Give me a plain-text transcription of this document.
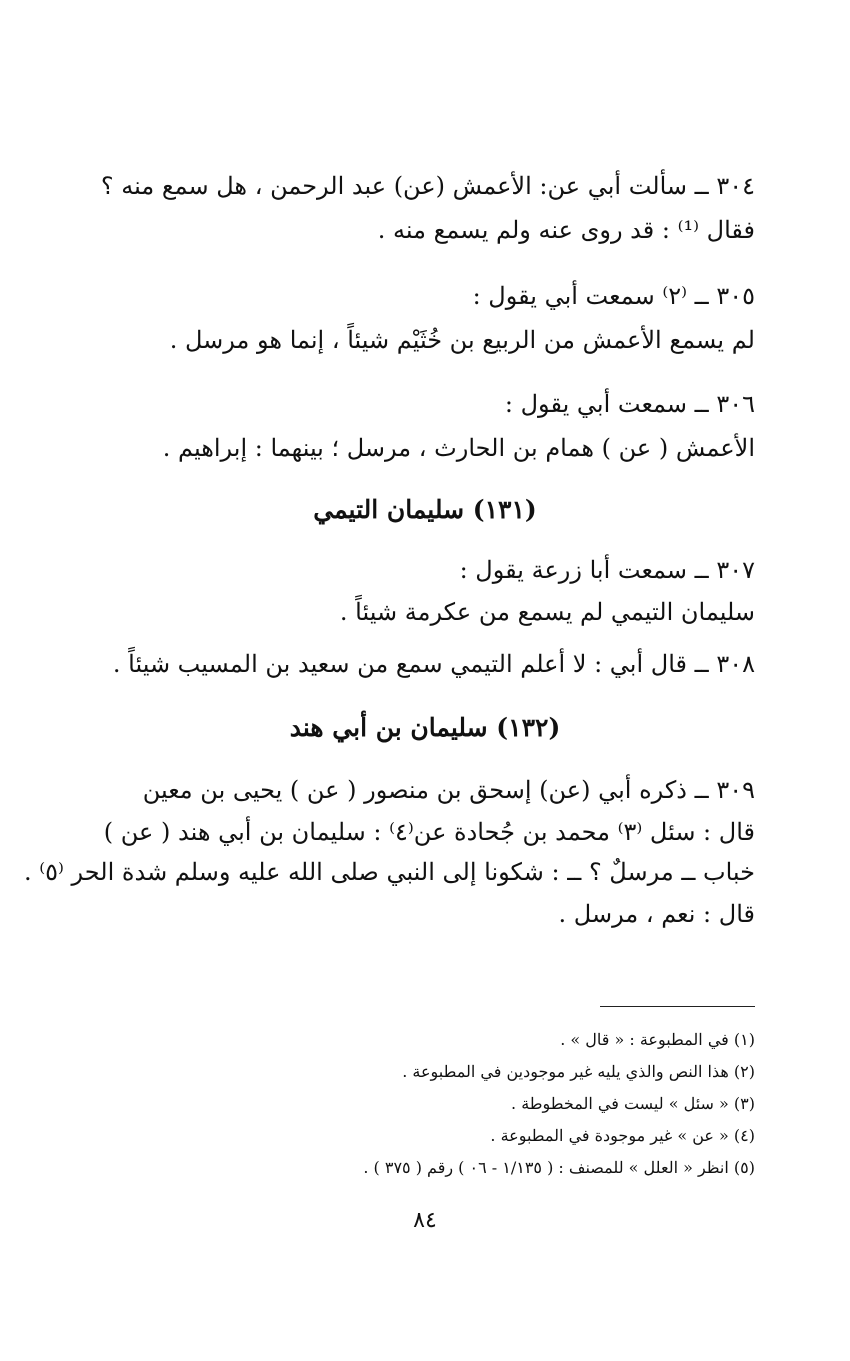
٣٠٤ ــ سألت أبي عن: الأعمش (عن) عبد الرحمن ، هل سمع منه ؟
فقال ⁽¹⁾ : قد روى عنه ولم يسمع منه .
٣٠٥ ــ ⁽٢⁾ سمعت أبي يقول :
لم يسمع الأعمش من الربيع بن خُثَيْم شيئاً ، إنما هو مرسل .
٣٠٦ ــ سمعت أبي يقول :
الأعمش ( عن ) همام بن الحارث ، مرسل ؛ بينهما : إبراهيم .
(١٣١) سليمان التيمي
٣٠٧ ــ سمعت أبا زرعة يقول :
سليمان التيمي لم يسمع من عكرمة شيئاً .
٣٠٨ ــ قال أبي : لا أعلم التيمي سمع من سعيد بن المسيب شيئاً .
(١٣٢) سليمان بن أبي هند
٣٠٩ ــ ذكره أبي (عن) إسحق بن منصور ( عن ) يحيى بن معين
قال : سئل ⁽٣⁾ محمد بن جُحادة عن⁽٤⁾ : سليمان بن أبي هند ( عن )
خباب ــ مرسلٌ ؟ ــ : شكونا إلى النبي صلى الله عليه وسلم شدة الحر ⁽٥⁾ .
قال : نعم ، مرسل .
(١) في المطبوعة : « قال » .
(٢) هذا النص والذي يليه غير موجودين في المطبوعة .
(٣) « سئل » ليست في المخطوطة .
(٤) « عن » غير موجودة في المطبوعة .
(٥) انظر « العلل » للمصنف : ( ١/١٣٥ - ٠٦ ) رقم ( ٣٧٥ ) .
٨٤
